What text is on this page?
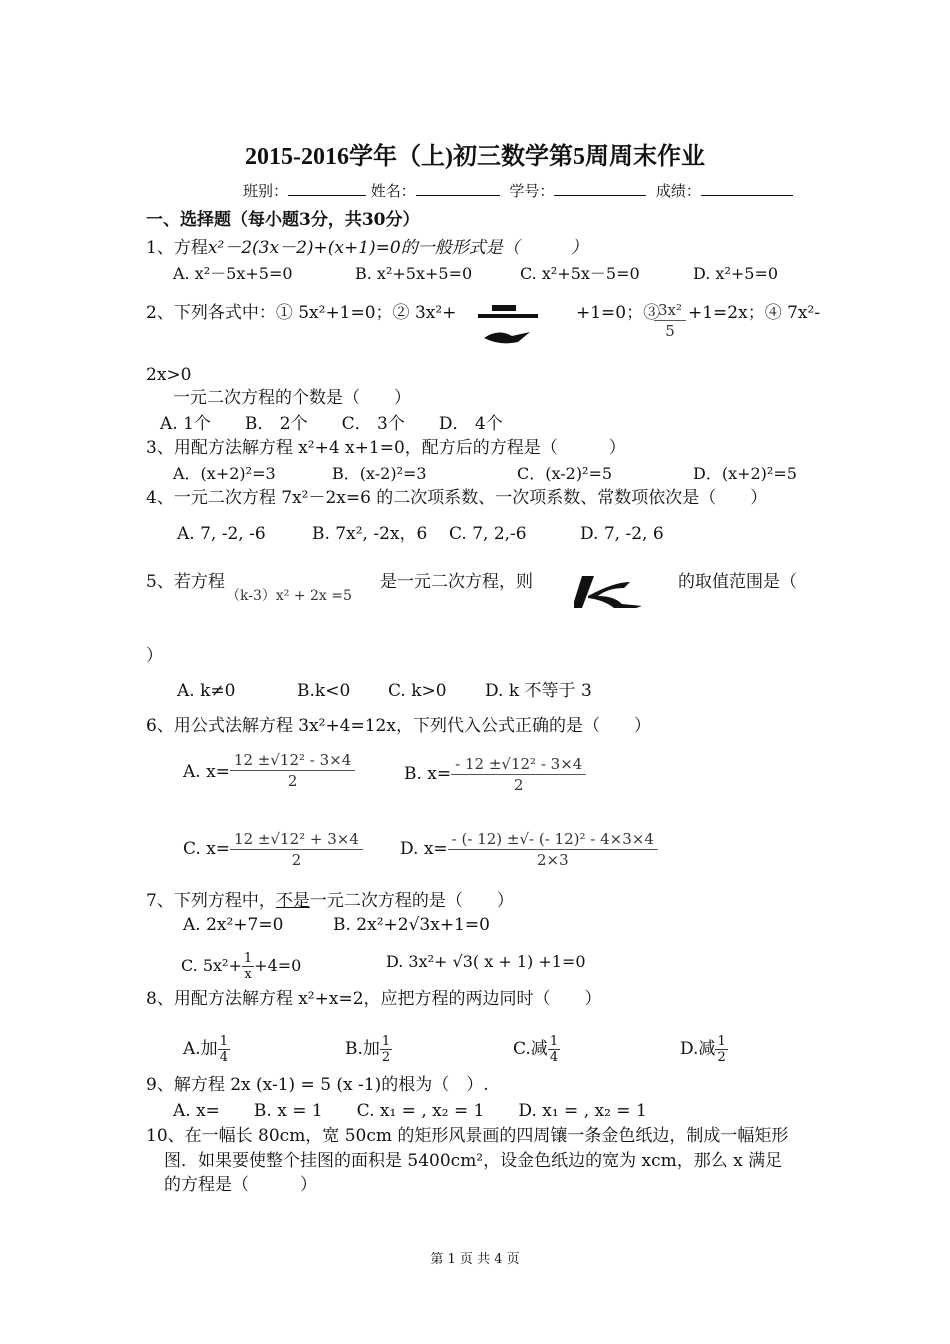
2015-2016学年（上)初三数学第5周周末作业
班别：	姓名：	学号：	成绩：
一、选择题（每小题3分，共30分）
1、方程x²－2(3x－2)+(x+1)=0的一般形式是（　　　）
A. x²－5x+5=0	B. x²+5x+5=0	C. x²+5x－5=0	D. x²+5=0
2、下列各式中：① 5x²+1=0；② 3x²+	+1=0；③
$\frac{\text{3x²}}{5} +1=2x$；④ 7x²-
2x>0
一元二次方程的个数是（　　）
A. 1个　　B． 2个　　C． 3个　　D． 4个
3、用配方法解方程 x²+4 x+1=0，配方后的方程是（　　　）
A．(x+2)²=3	B．(x-2)²=3	C．(x-2)²=5	D．(x+2)²=5
4、一元二次方程 7x²－2x=6 的二次项系数、一次项系数、常数项依次是（　　）
A. 7, -2, -6	B. 7x², -2x，6 C. 7, 2,-6	D. 7, -2, 6
5、若方程
（k-3）x² + 2x =5
是一元二次方程，则	的取值范围是（
）
A. k≠0	B.k<0 C. k>0 D. k 不等于 3
6、用公式法解方程 3x²+4=12x，下列代入公式正确的是（　　）
A. $x= \frac{\text{12 ±√12² - 3×4}}{2}$	B. $x= \frac{\text{- 12 ±√12² - 3×4}}{2}$
C. $x= \frac{\text{12 ±√12² + 3×4}}{2} D$. $x= \frac{\text{- (- 12) ±√- (- 12)² - 4×3×4}}{2\times 3}$
7、下列方程中，不是一元二次方程的是（　　）
A. 2x²+7=0	B. 2x²+2√3x+1=0
C. $5x^2+ \frac{1}{x} +4=0$	D. 3x²+ √3( x + 1) +1=0
8、用配方法解方程 x²+x=2，应把方程的两边同时（　　）
A.加 $\frac{1}{4}$	B.加 $\frac{1}{2}$	C.减 $\frac{1}{4}$	D.减 $\frac{1}{2}$
9、解方程 2x (x-1) = 5 (x -1)的根为（　）.
A. x=　　B. x = 1　　C. x₁ = , x₂ = 1　　D. x₁ = , x₂ = 1
10、在一幅长 80cm，宽 50cm 的矩形风景画的四周镶一条金色纸边，制成一幅矩形
图．如果要使整个挂图的面积是 5400cm²，设金色纸边的宽为 xcm，那么 x 满足
的方程是（　　　）
第 1 页 共 4 页
